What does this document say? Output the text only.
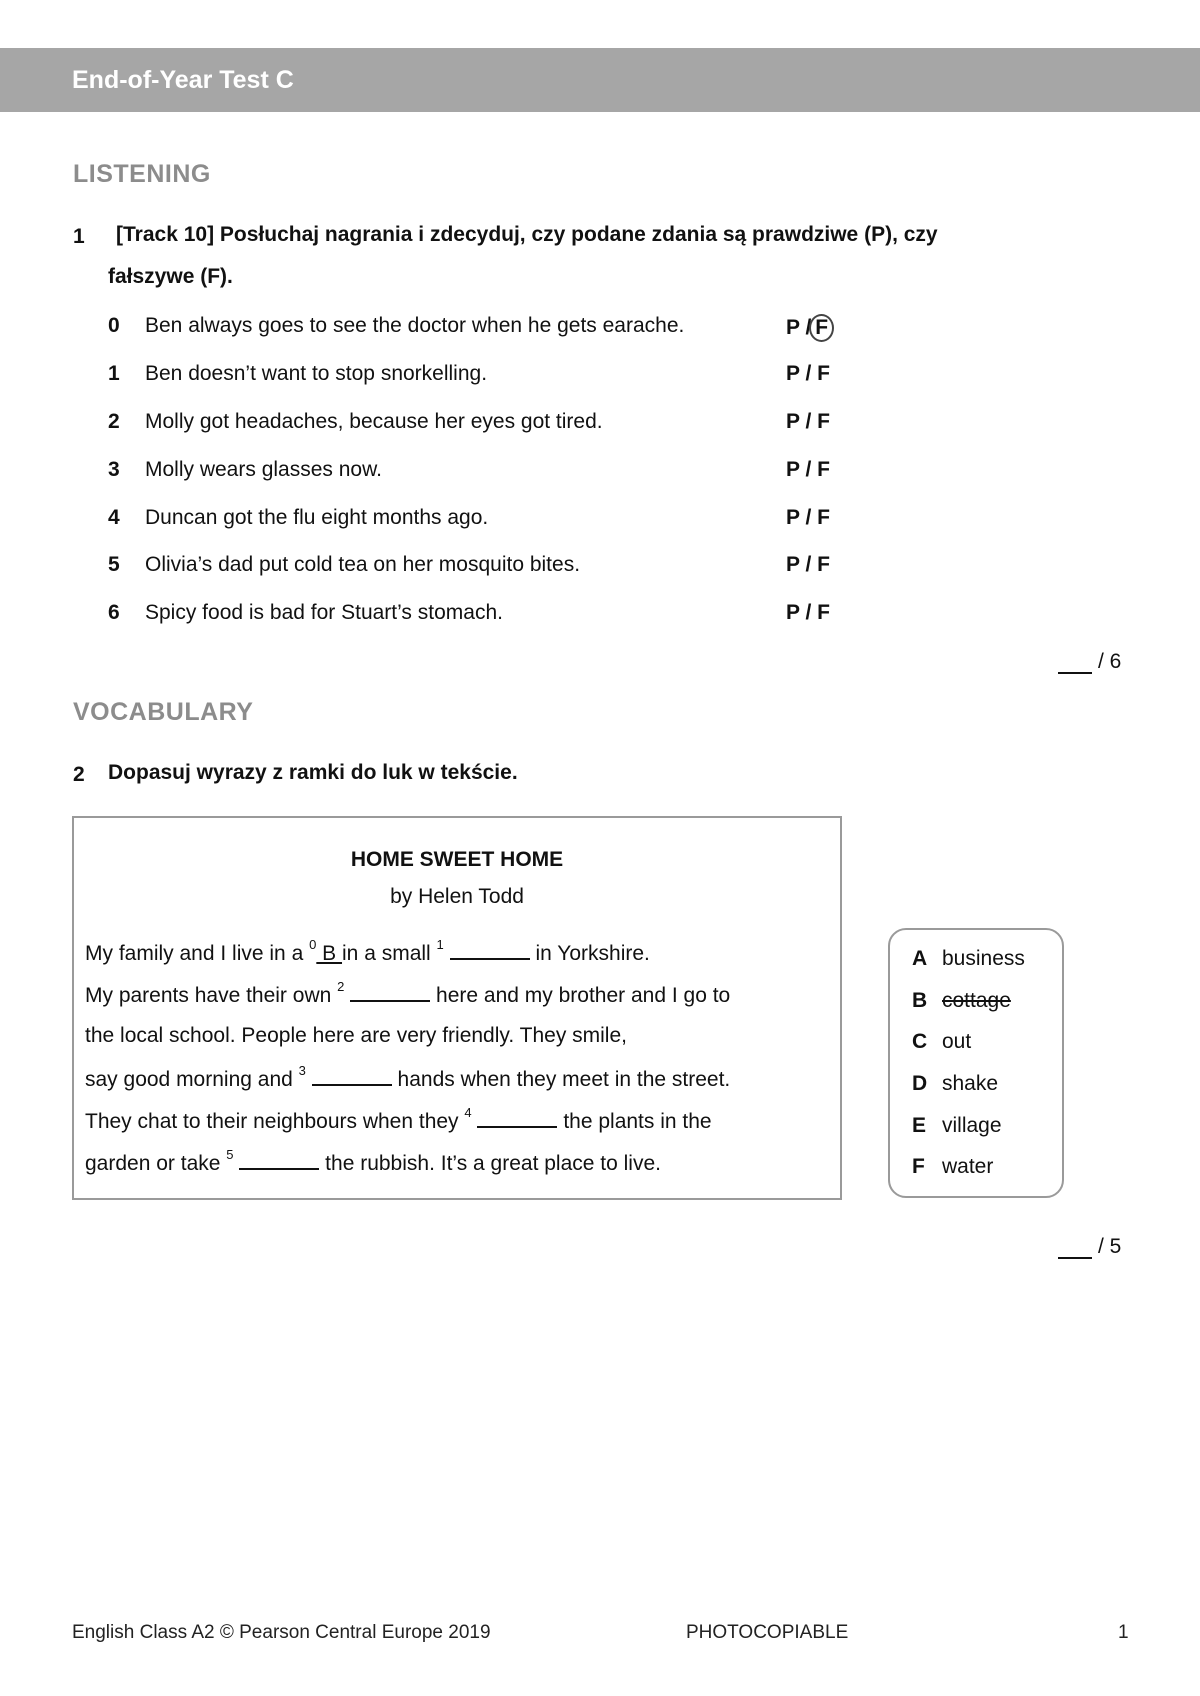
End-of-Year Test C
LISTENING
1 [Track 10] Posłuchaj nagrania i zdecyduj, czy podane zdania są prawdziwe (P), czy
fałszywe (F).
0 Ben always goes to see the doctor when he gets earache.	P / F
1 Ben doesn’t want to stop snorkelling.	P / F
2 Molly got headaches, because her eyes got tired.	P / F
3 Molly wears glasses now.	P / F
4 Duncan got the flu eight months ago.	P / F
5 Olivia’s dad put cold tea on her mosquito bites.	P / F
6 Spicy food is bad for Stuart’s stomach.	P / F
/ 6
VOCABULARY
2 Dopasuj wyrazy z ramki do luk w tekście.
HOME SWEET HOME
by Helen Todd
My family and I live in a $^0$ B in a small $^1$	in Yorkshire.
My parents have their own $^2$	here and my brother and I go to
the local school. People here are very friendly. They smile,
say good morning and $^3$	hands when they meet in the street.
They chat to their neighbours when they $^4$	the plants in the
garden or take $^5$	the rubbish. It’s a great place to live.
A business
B cottage
C out
D shake
E village
F water
/ 5
English Class A2 © Pearson Central Europe 2019	PHOTOCOPIABLE	1
